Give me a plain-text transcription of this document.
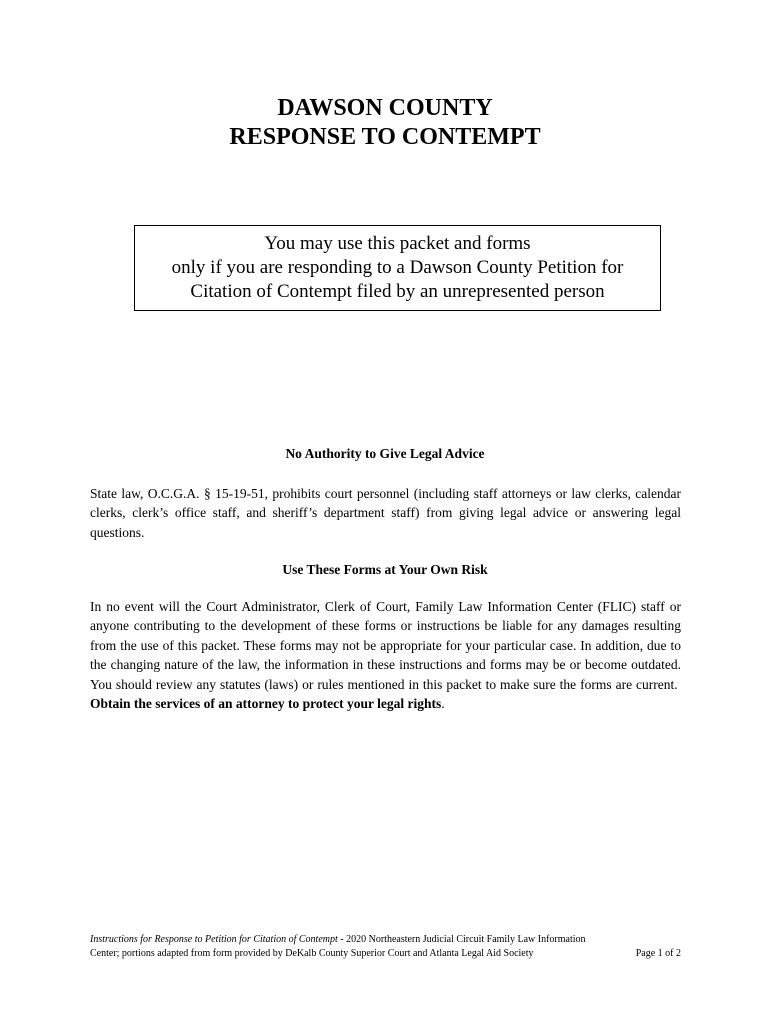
DAWSON COUNTY
RESPONSE TO CONTEMPT
You may use this packet and forms
only if you are responding to a Dawson County Petition for
Citation of Contempt filed by an unrepresented person
No Authority to Give Legal Advice

State law, O.C.G.A. § 15-19-51, prohibits court personnel (including staff attorneys or law clerks, calendar clerks, clerk’s office staff, and sheriff’s department staff) from giving legal advice or answering legal questions.

Use These Forms at Your Own Risk

In no event will the Court Administrator, Clerk of Court, Family Law Information Center (FLIC) staff or anyone contributing to the development of these forms or instructions be liable for any damages resulting from the use of this packet. These forms may not be appropriate for your particular case. In addition, due to the changing nature of the law, the information in these instructions and forms may be or become outdated. You should review any statutes (laws) or rules mentioned in this packet to make sure the forms are current.  Obtain the services of an attorney to protect your legal rights.

Instructions for Response to Petition for Citation of Contempt - 2020 Northeastern Judicial Circuit Family Law Information
Center; portions adapted from form provided by DeKalb County Superior Court and Atlanta Legal Aid Society	Page 1 of 2
